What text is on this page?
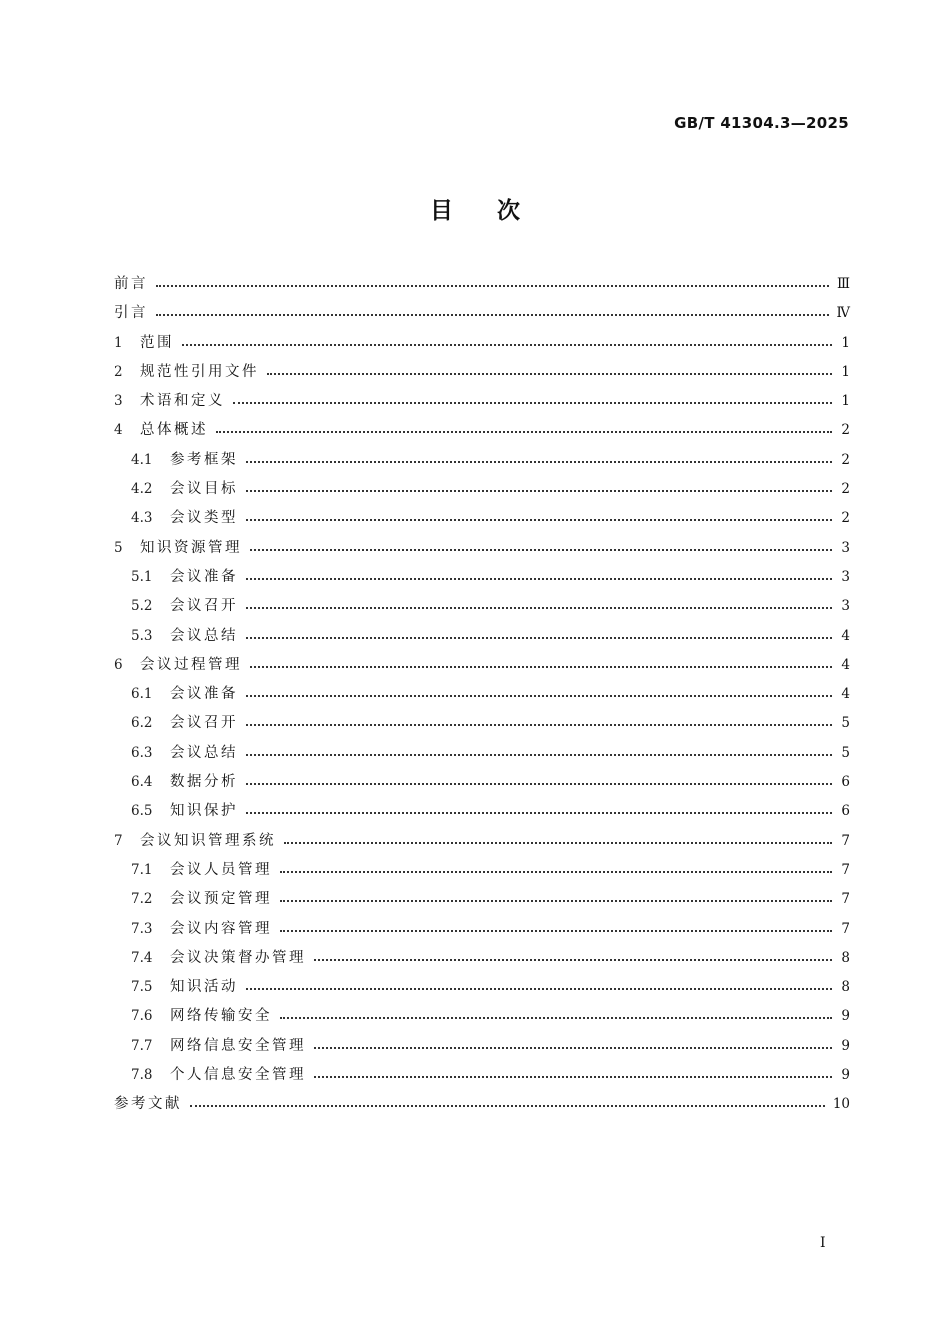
GB/T 41304.3—2025
目次
前言	Ⅲ
引言	Ⅳ
1	范围	1
2	规范性引用文件	1
3	术语和定义	1
4	总体概述	2
4.1	参考框架	2
4.2	会议目标	2
4.3	会议类型	2
5	知识资源管理	3
5.1	会议准备	3
5.2	会议召开	3
5.3	会议总结	4
6	会议过程管理	4
6.1	会议准备	4
6.2	会议召开	5
6.3	会议总结	5
6.4	数据分析	6
6.5	知识保护	6
7	会议知识管理系统	7
7.1	会议人员管理	7
7.2	会议预定管理	7
7.3	会议内容管理	7
7.4	会议决策督办管理	8
7.5	知识活动	8
7.6	网络传输安全	9
7.7	网络信息安全管理	9
7.8	个人信息安全管理	9
参考文献	10
I
